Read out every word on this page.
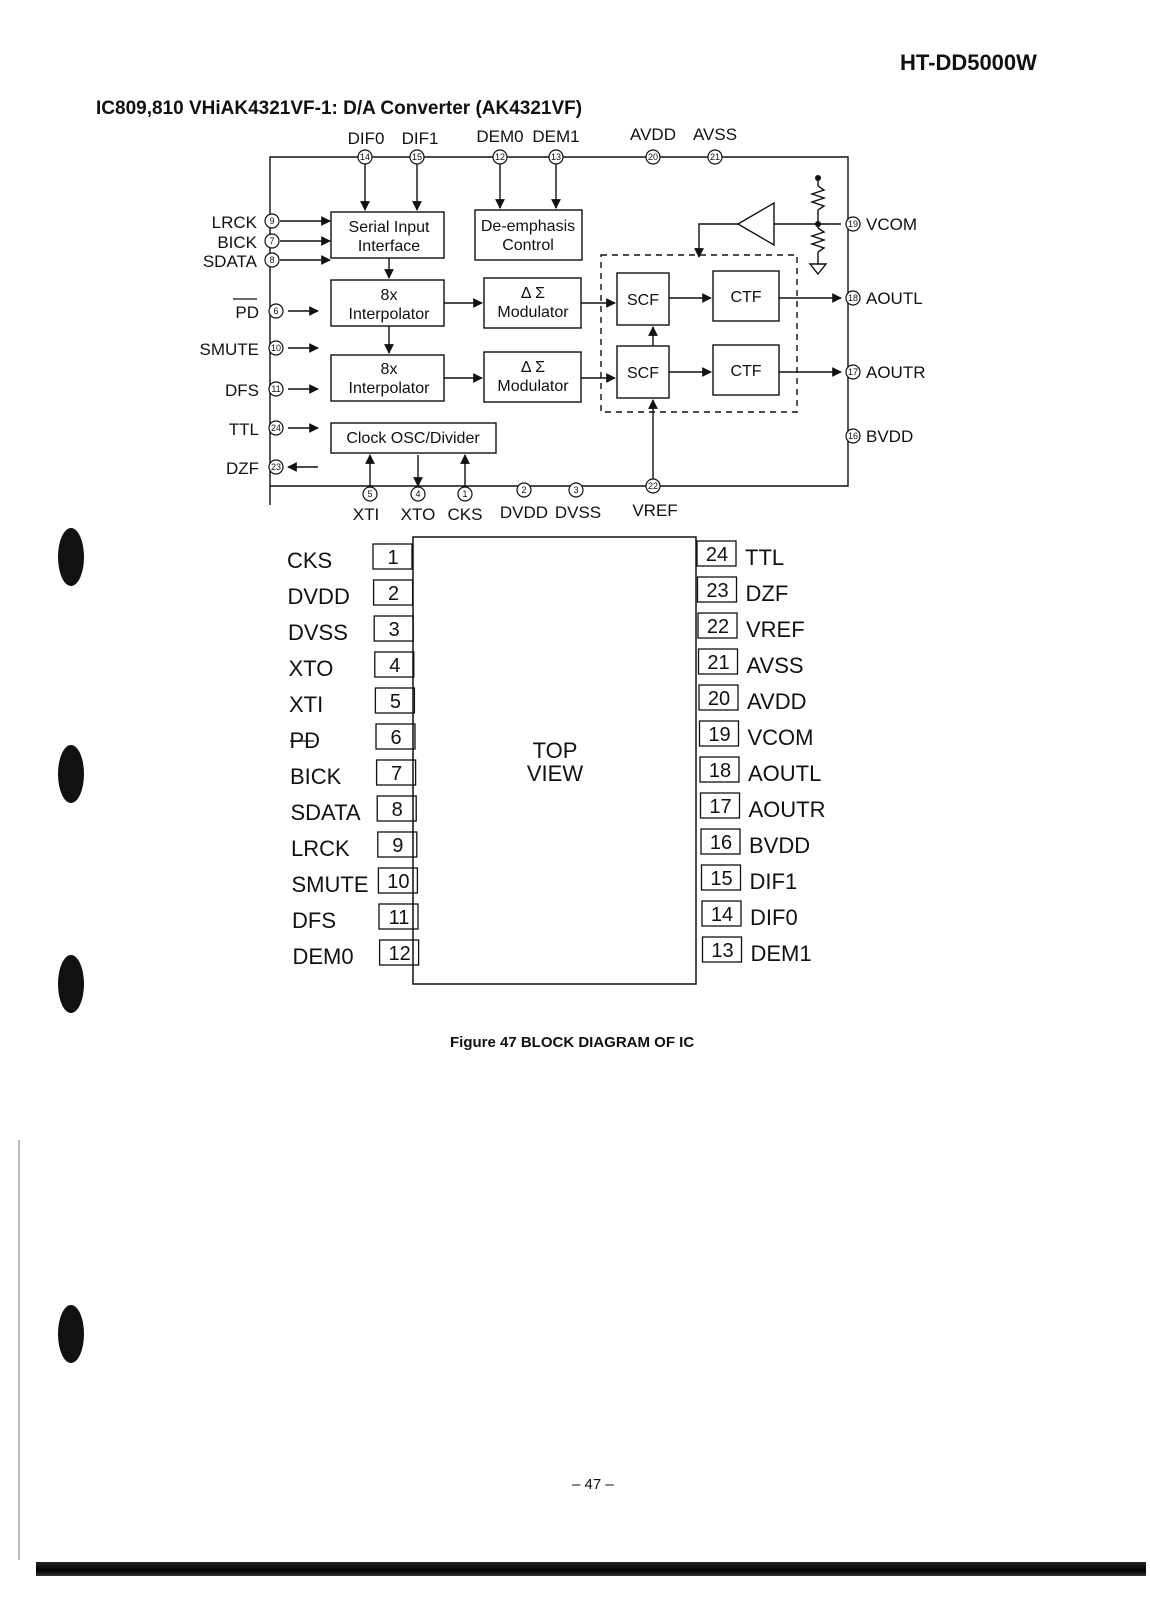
HT-DD5000W
IC809,810 VHiAK4321VF-1: D/A Converter (AK4321VF)
14	15	12	13	20	21
9
7
8
6
10
11
24
23
19
18
17
16
5	4	1	2	3	22
DIF0 DIF1 DEM0 DEM1	AVDD AVSS
LRCK
BICK
SDATA
PD
SMUTE
DFS
TTL
DZF
VCOM
AOUTL
AOUTR
BVDD
XTI XTO CKS DVDD DVSS VREF
Serial Input
Interface
De-emphasis
Control
8x
Interpolator
8x
Interpolator
Δ Σ
Modulator
Δ Σ
Modulator
SCF
SCF
CTF
CTF
Clock OSC/Divider
TOP
VIEW
1
CKS
2
DVDD
3
DVSS
4
XTO
5
XTI
6
PD
7
BICK
8
SDATA
9
LRCK
10
SMUTE
11
DFS
12
DEM0
24 TTL
23 DZF
22 VREF
21 AVSS
20 AVDD
19 VCOM
18 AOUTL
17 AOUTR
16 BVDD
15 DIF1
14 DIF0
13 DEM1
Figure 47 BLOCK DIAGRAM OF IC
– 47 –
